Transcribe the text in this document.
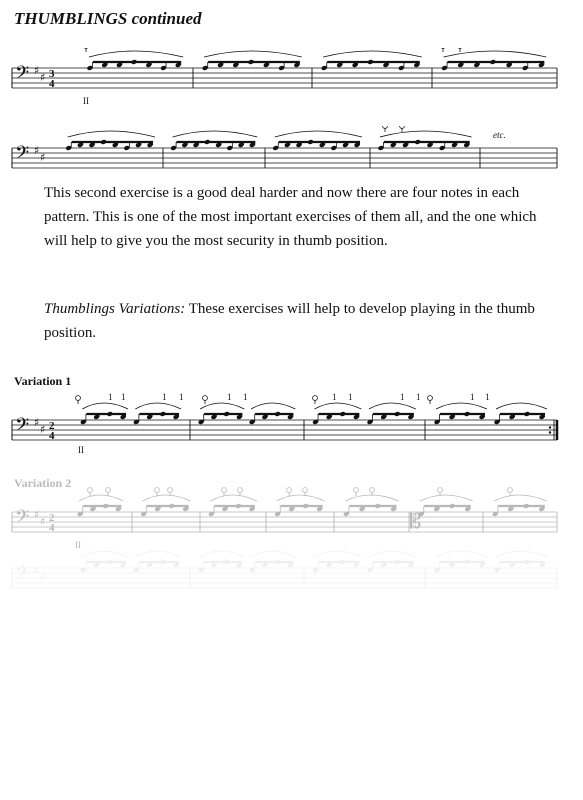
THUMBLINGS continued
𝄢 ♯
♯ 3
4
II
𝄢 ♯
♯
etc.

This second exercise is a good deal harder and now there are four notes in each pattern. This is one of the most important exercises of them all, and the one which will help to give you the most security in thumb position.

Thumblings Variations: These exercises will help to develop playing in the thumb position.

Variation 1
𝄢 ♯
♯ 2
4
1 1	1 1	1 1	1 1	1 1	1 1
II
Variation 2
𝄢 ♯
♯ 2
4
II
𝄡
𝄢 ♯
♯
